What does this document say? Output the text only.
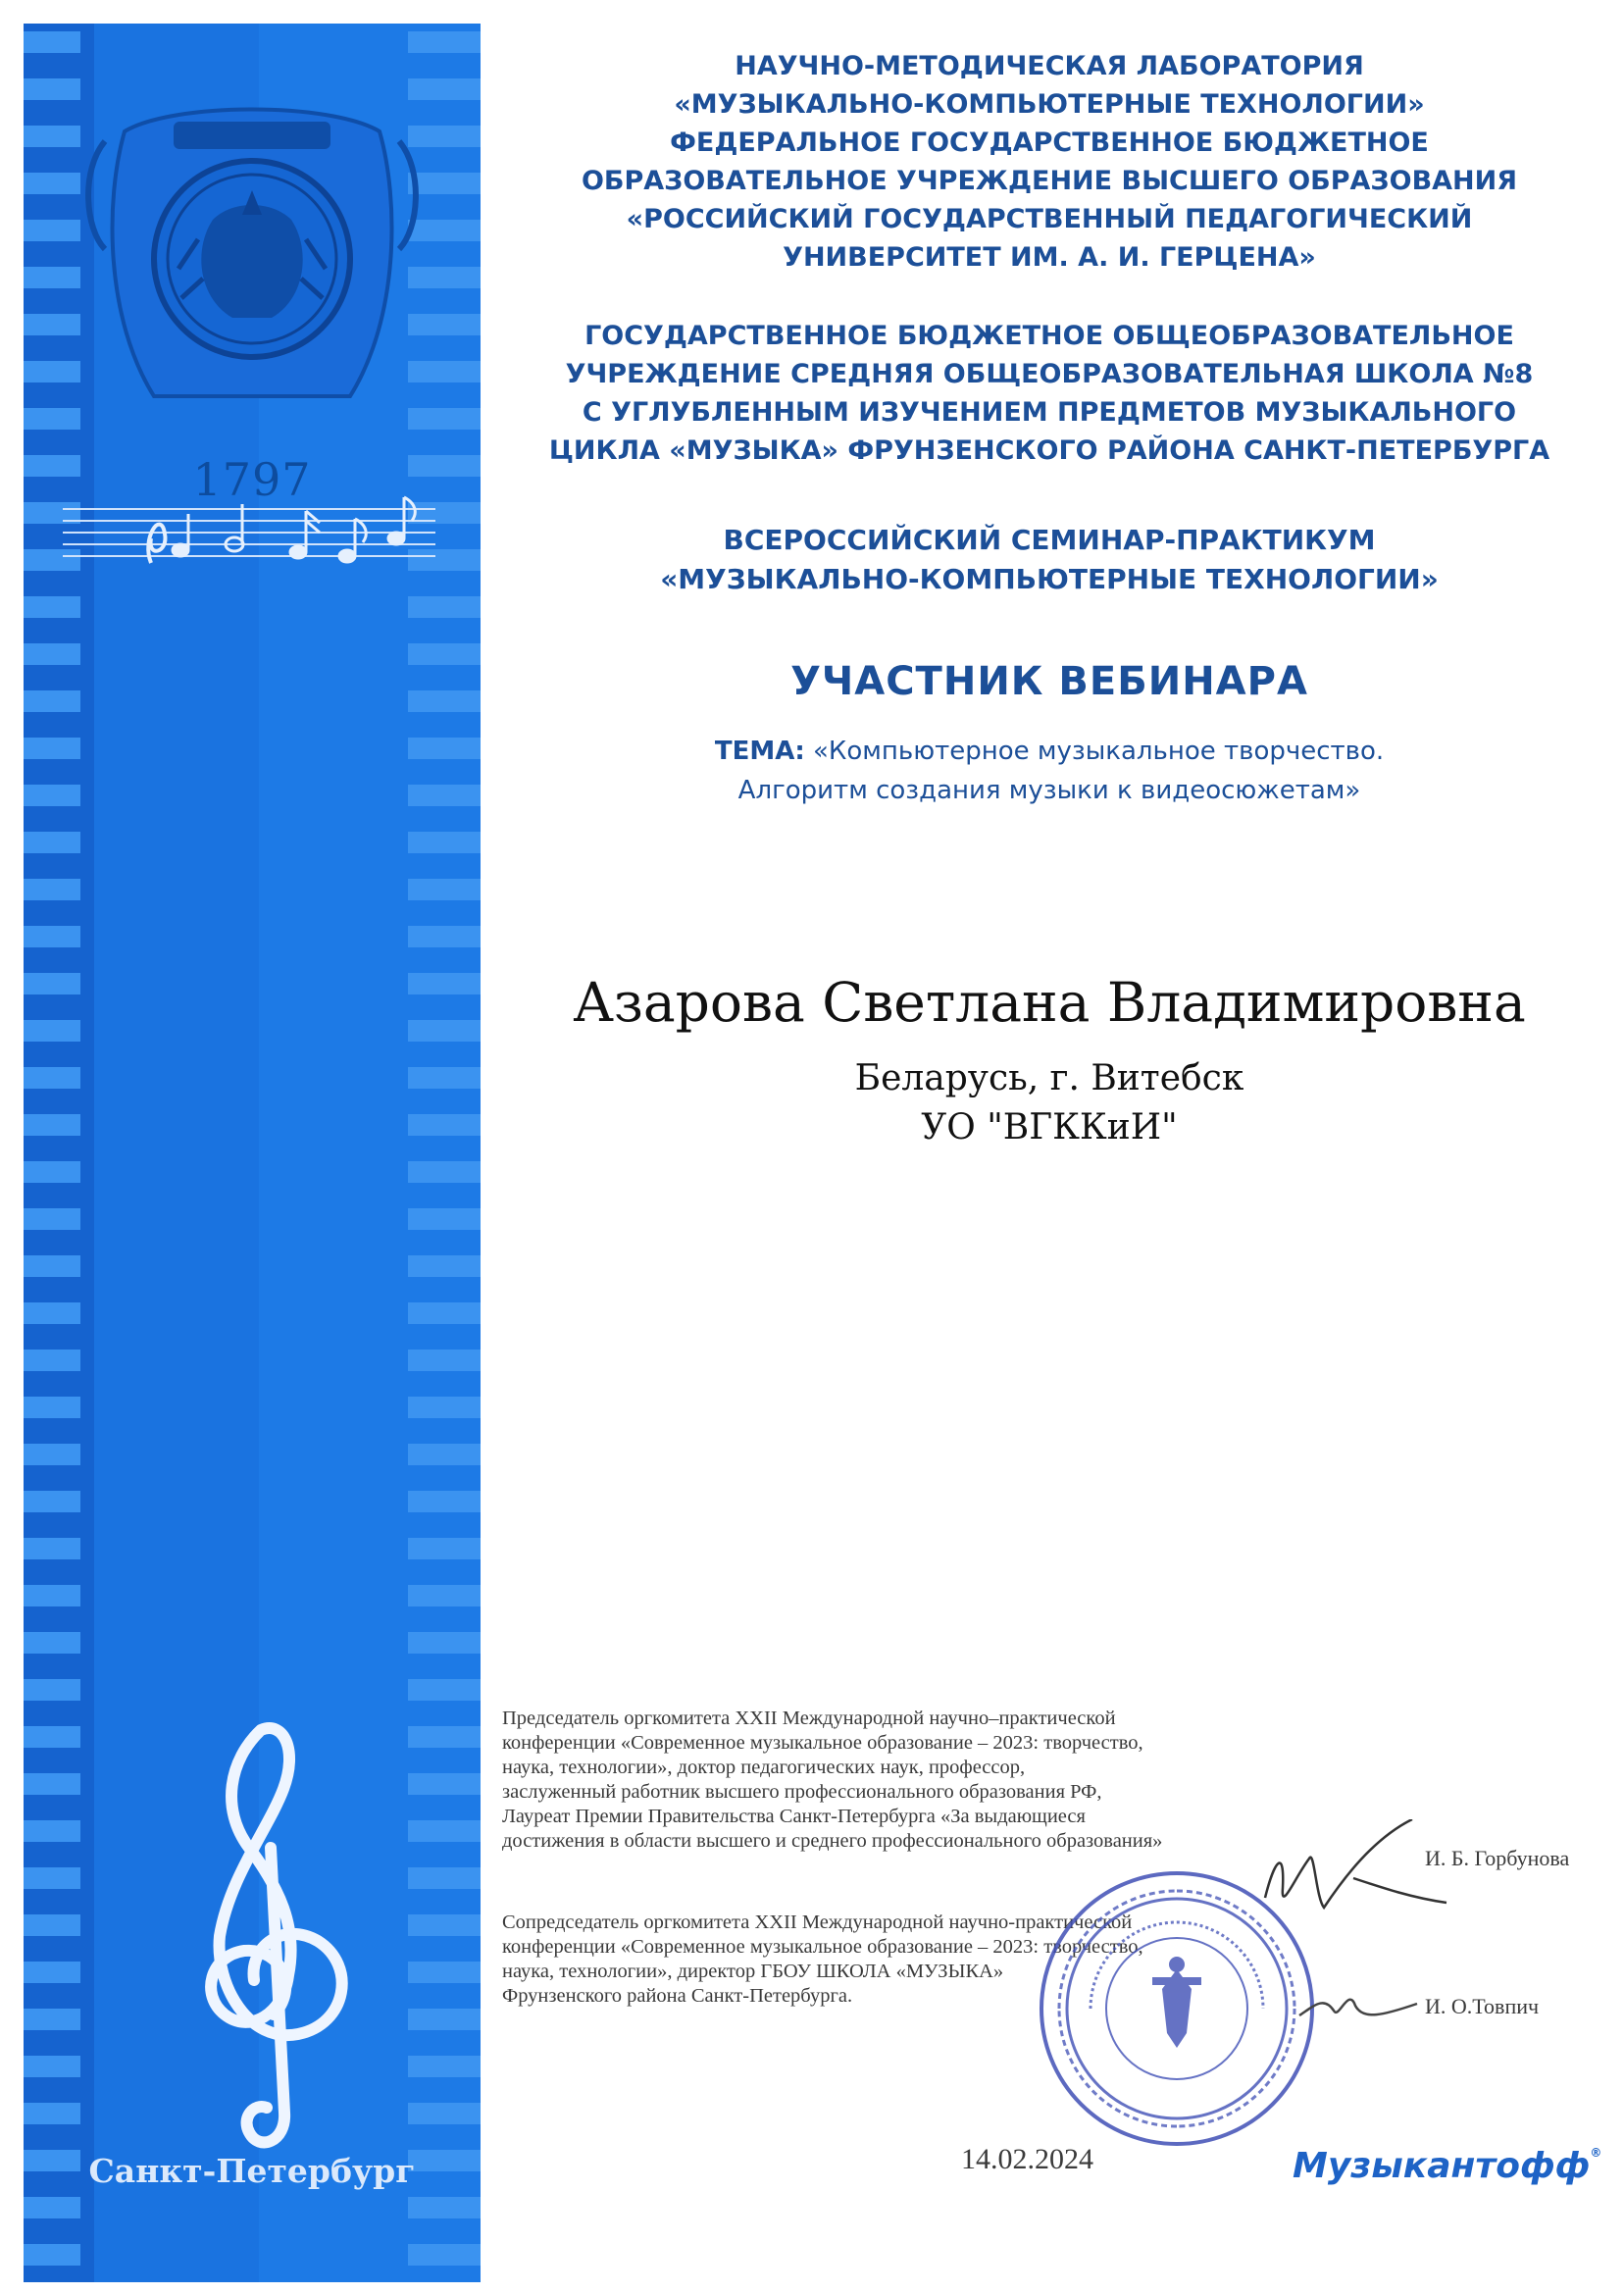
1797
Санкт-Петербург
НАУЧНО-МЕТОДИЧЕСКАЯ ЛАБОРАТОРИЯ
«МУЗЫКАЛЬНО-КОМПЬЮТЕРНЫЕ ТЕХНОЛОГИИ»
ФЕДЕРАЛЬНОЕ ГОСУДАРСТВЕННОЕ БЮДЖЕТНОЕ
ОБРАЗОВАТЕЛЬНОЕ УЧРЕЖДЕНИЕ ВЫСШЕГО ОБРАЗОВАНИЯ
«РОССИЙСКИЙ ГОСУДАРСТВЕННЫЙ ПЕДАГОГИЧЕСКИЙ
УНИВЕРСИТЕТ ИМ. А. И. ГЕРЦЕНА»
ГОСУДАРСТВЕННОЕ БЮДЖЕТНОЕ ОБЩЕОБРАЗОВАТЕЛЬНОЕ
УЧРЕЖДЕНИЕ СРЕДНЯЯ ОБЩЕОБРАЗОВАТЕЛЬНАЯ ШКОЛА №8
С УГЛУБЛЕННЫМ ИЗУЧЕНИЕМ ПРЕДМЕТОВ МУЗЫКАЛЬНОГО
ЦИКЛА «МУЗЫКА» ФРУНЗЕНСКОГО РАЙОНА САНКТ-ПЕТЕРБУРГА
ВСЕРОССИЙСКИЙ СЕМИНАР-ПРАКТИКУМ
«МУЗЫКАЛЬНО-КОМПЬЮТЕРНЫЕ ТЕХНОЛОГИИ»
УЧАСТНИК ВЕБИНАРА
ТЕМА: «Компьютерное музыкальное творчество.
Алгоритм создания музыки к видеосюжетам»
Азарова Светлана Владимировна
Беларусь, г. Витебск
УО "ВГККиИ"
Председатель оргкомитета XXII Международной научно–практической
конференции «Современное музыкальное образование – 2023: творчество,
наука, технологии», доктор педагогических наук, профессор,
заслуженный работник высшего профессионального образования РФ,
Лауреат Премии Правительства Санкт-Петербурга «За выдающиеся
достижения в области высшего и среднего профессионального образования»
Сопредседатель оргкомитета XXII Международной научно-практической
конференции «Современное музыкальное образование – 2023: творчество,
наука, технологии», директор ГБОУ ШКОЛА «МУЗЫКА»
Фрунзенского района Санкт-Петербурга.
И. Б. Горбунова
И. О.Товпич
14.02.2024	Музыкантофф®
